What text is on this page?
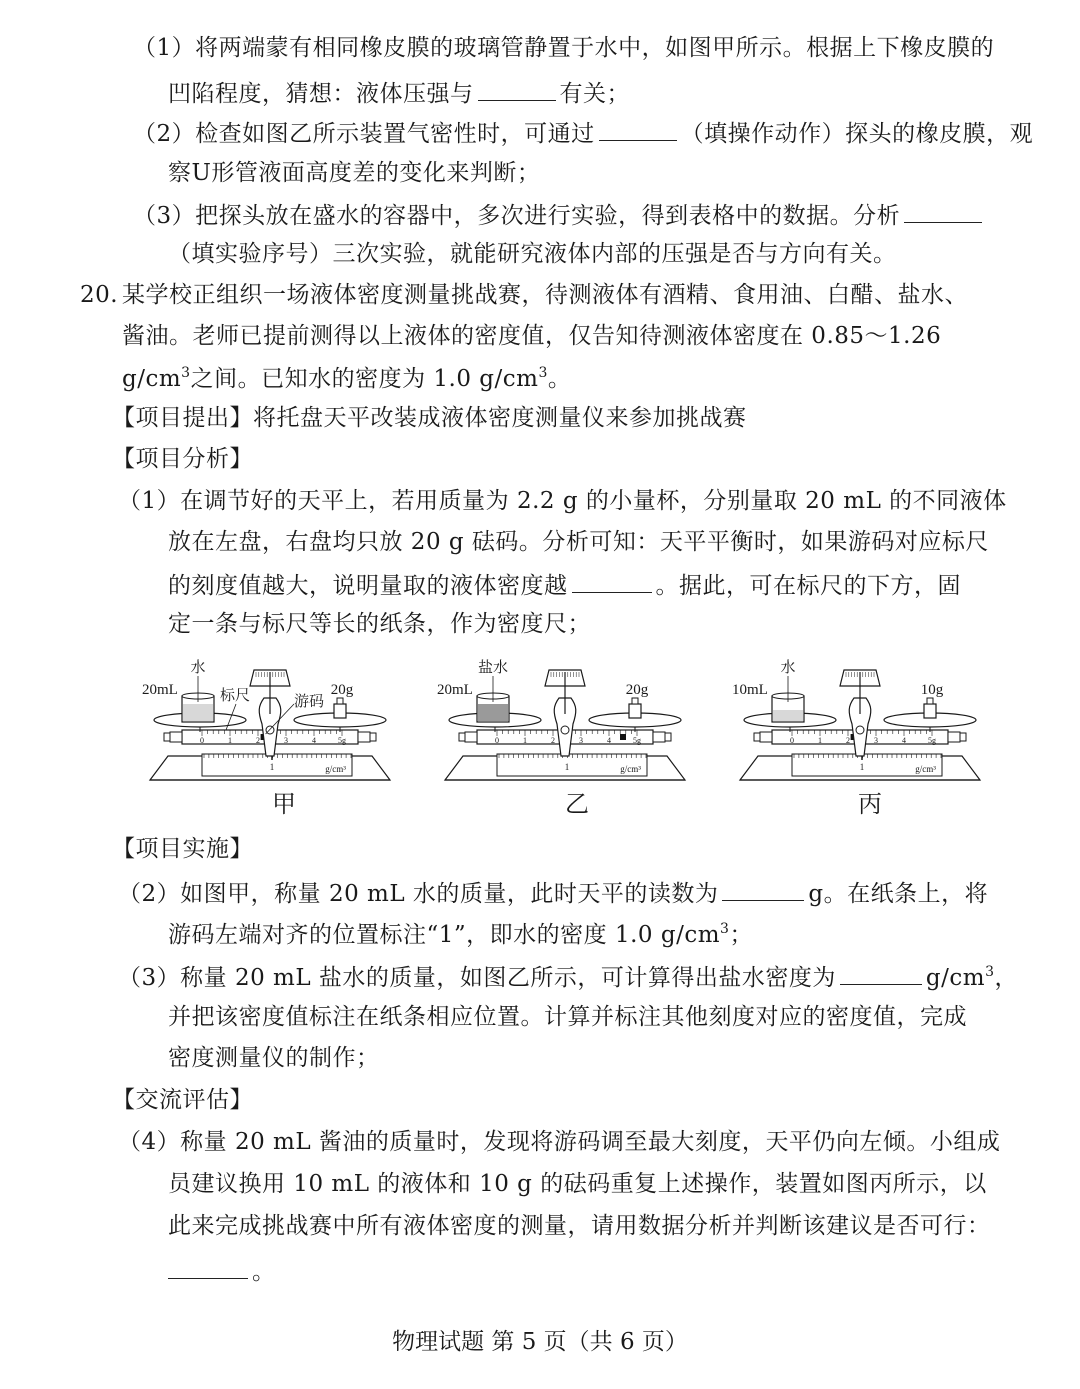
（1）将两端蒙有相同橡皮膜的玻璃管静置于水中，如图甲所示。根据上下橡皮膜的
凹陷程度，猜想：液体压强与	有关；
（2）检查如图乙所示装置气密性时，可通过	（填操作动作）探头的橡皮膜，观
察U形管液面高度差的变化来判断；
（3）把探头放在盛水的容器中，多次进行实验，得到表格中的数据。分析
（填实验序号）三次实验，就能研究液体内部的压强是否与方向有关。
20. 某学校正组织一场液体密度测量挑战赛，待测液体有酒精、食用油、白醋、盐水、
酱油。老师已提前测得以上液体的密度值，仅告知待测液体密度在 0.85～1.26
$g/cm^3$之间。已知水的密度为 1.0 $g/cm^3$。
【项目提出】将托盘天平改装成液体密度测量仪来参加挑战赛
【项目分析】
（1）在调节好的天平上，若用质量为 2.2 g 的小量杯，分别量取 20 mL 的不同液体
放在左盘，右盘均只放 20 g 砝码。分析可知：天平平衡时，如果游码对应标尺
的刻度值越大，说明量取的液体密度越	。据此，可在标尺的下方，固
定一条与标尺等长的纸条，作为密度尺；
1	g/cm³
0	1	2	3	4	5g
水
20mL	20g
标尺	游码
1	g/cm³
0	1	2	3	4	5g
盐水
20mL	20g
1	g/cm³
0	1	2	3	4	5g
水
10mL	10g
甲	乙	丙
【项目实施】
（2）如图甲，称量 20 mL 水的质量，此时天平的读数为	g。在纸条上，将
游码左端对齐的位置标注“1”，即水的密度 1.0 $g/cm^3$；
（3）称量 20 mL 盐水的质量，如图乙所示，可计算得出盐水密度为	$g/cm^3$，
并把该密度值标注在纸条相应位置。计算并标注其他刻度对应的密度值，完成
密度测量仪的制作；
【交流评估】
（4）称量 20 mL 酱油的质量时，发现将游码调至最大刻度，天平仍向左倾。小组成
员建议换用 10 mL 的液体和 10 g 的砝码重复上述操作，装置如图丙所示，以
此来完成挑战赛中所有液体密度的测量，请用数据分析并判断该建议是否可行：
。
物理试题 第 5 页（共 6 页）
